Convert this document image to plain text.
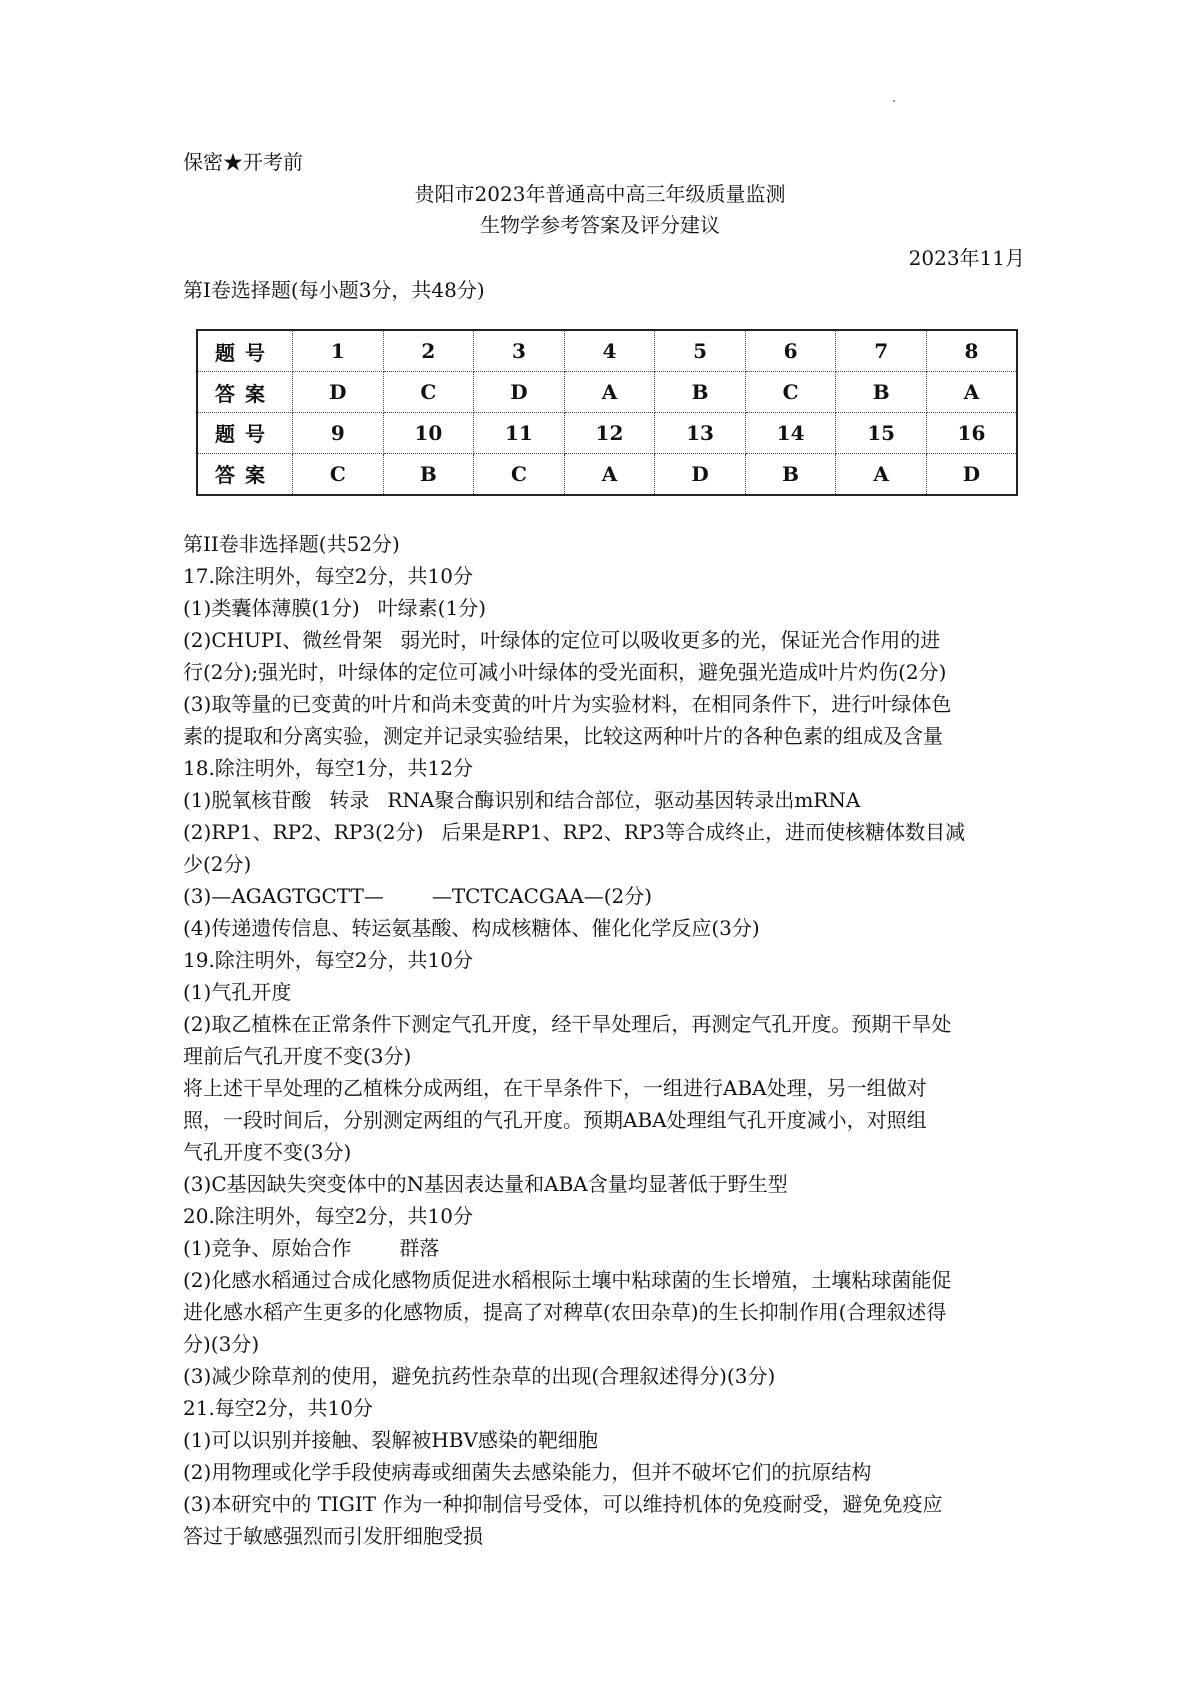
保密★开考前
贵阳市2023年普通高中高三年级质量监测
生物学参考答案及评分建议
2023年11月
第I卷选择题(每小题3分，共48分)
题号	1	2	3	4	5	6	7	8
答案	D	C	D	A	B	C	B	A
题号	9	10	11	12	13	14	15	16
答案	C	B	C	A	D	B	A	D
第II卷非选择题(共52分)
17.除注明外，每空2分，共10分
(1)类囊体薄膜(1分) 叶绿素(1分)
(2)CHUPI、微丝骨架 弱光时，叶绿体的定位可以吸收更多的光，保证光合作用的进
行(2分);强光时，叶绿体的定位可减小叶绿体的受光面积，避免强光造成叶片灼伤(2分)
(3)取等量的已变黄的叶片和尚未变黄的叶片为实验材料，在相同条件下，进行叶绿体色
素的提取和分离实验，测定并记录实验结果，比较这两种叶片的各种色素的组成及含量
18.除注明外，每空1分，共12分
(1)脱氧核苷酸 转录 RNA聚合酶识别和结合部位，驱动基因转录出mRNA
(2)RP1、RP2、RP3(2分) 后果是RP1、RP2、RP3等合成终止，进而使核糖体数目减
少(2分)
(3)—AGAGTGCTT— —TCTCACGAA—(2分)
(4)传递遗传信息、转运氨基酸、构成核糖体、催化化学反应(3分)
19.除注明外，每空2分，共10分
(1)气孔开度
(2)取乙植株在正常条件下测定气孔开度，经干旱处理后，再测定气孔开度。预期干旱处
理前后气孔开度不变(3分)
将上述干旱处理的乙植株分成两组，在干旱条件下，一组进行ABA处理，另一组做对
照，一段时间后，分别测定两组的气孔开度。预期ABA处理组气孔开度减小，对照组
气孔开度不变(3分)
(3)C基因缺失突变体中的N基因表达量和ABA含量均显著低于野生型
20.除注明外，每空2分，共10分
(1)竞争、原始合作 群落
(2)化感水稻通过合成化感物质促进水稻根际土壤中粘球菌的生长增殖，土壤粘球菌能促
进化感水稻产生更多的化感物质，提高了对稗草(农田杂草)的生长抑制作用(合理叙述得
分)(3分)
(3)减少除草剂的使用，避免抗药性杂草的出现(合理叙述得分)(3分)
21.每空2分，共10分
(1)可以识别并接触、裂解被HBV感染的靶细胞
(2)用物理或化学手段使病毒或细菌失去感染能力，但并不破坏它们的抗原结构
(3)本研究中的 TIGIT 作为一种抑制信号受体，可以维持机体的免疫耐受，避免免疫应
答过于敏感强烈而引发肝细胞受损
